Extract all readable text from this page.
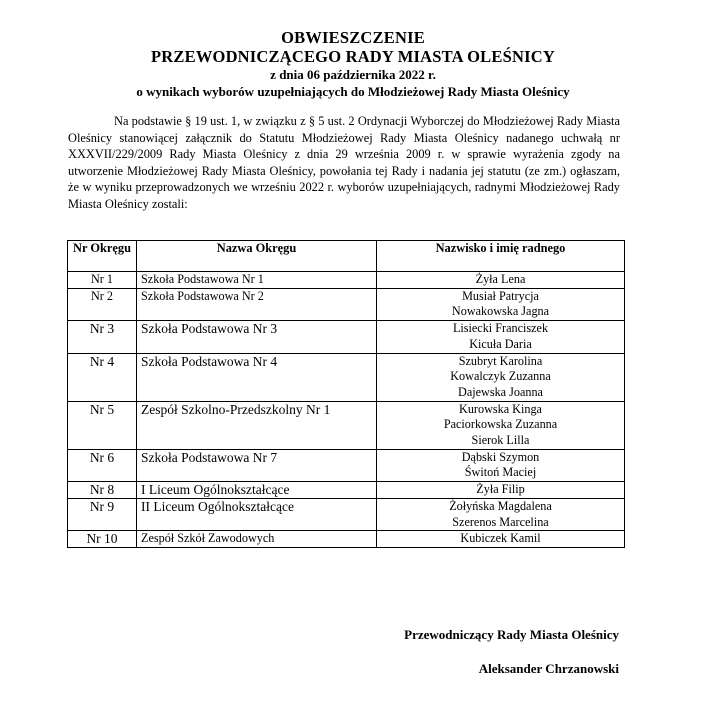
OBWIESZCZENIE
PRZEWODNICZĄCEGO RADY MIASTA OLEŚNICY
z dnia 06 października 2022 r.
o wynikach wyborów uzupełniających do Młodzieżowej Rady Miasta Oleśnicy
Na podstawie § 19 ust. 1, w związku z § 5 ust. 2 Ordynacji Wyborczej do Młodzieżowej Rady Miasta Oleśnicy stanowiącej załącznik do Statutu Młodzieżowej Rady Miasta Oleśnicy nadanego uchwałą nr XXXVII/229/2009 Rady Miasta Oleśnicy z dnia 29 września 2009 r. w sprawie wyrażenia zgody na utworzenie Młodzieżowej Rady Miasta Oleśnicy, powołania tej Rady i nadania jej statutu (ze zm.) ogłaszam, że w wyniku przeprowadzonych we wrześniu 2022 r. wyborów uzupełniających, radnymi Młodzieżowej Rady Miasta Oleśnicy zostali:
Nr Okręgu	Nazwa Okręgu	Nazwisko i imię radnego
Nr 1	Szkoła Podstawowa Nr 1	Żyła Lena

Nr 2	Szkoła Podstawowa Nr 2	Musiał Patrycja
Nowakowska Jagna

Nr 3	Szkoła Podstawowa Nr 3	Lisiecki Franciszek
Kicuła Daria

Nr 4	Szkoła Podstawowa Nr 4	Szubryt Karolina
Kowalczyk Zuzanna
Dajewska Joanna

Nr 5	Zespół Szkolno-Przedszkolny Nr 1	Kurowska Kinga
Paciorkowska Zuzanna
Sierok Lilla

Nr 6	Szkoła Podstawowa Nr 7	Dąbski Szymon
Świtoń Maciej

Nr 8	I Liceum Ogólnokształcące	Żyła Filip

Nr 9	II Liceum Ogólnokształcące	Żołyńska Magdalena
Szerenos Marcelina

Nr 10	Zespół Szkół Zawodowych	Kubiczek Kamil
Przewodniczący Rady Miasta Oleśnicy
Aleksander Chrzanowski
